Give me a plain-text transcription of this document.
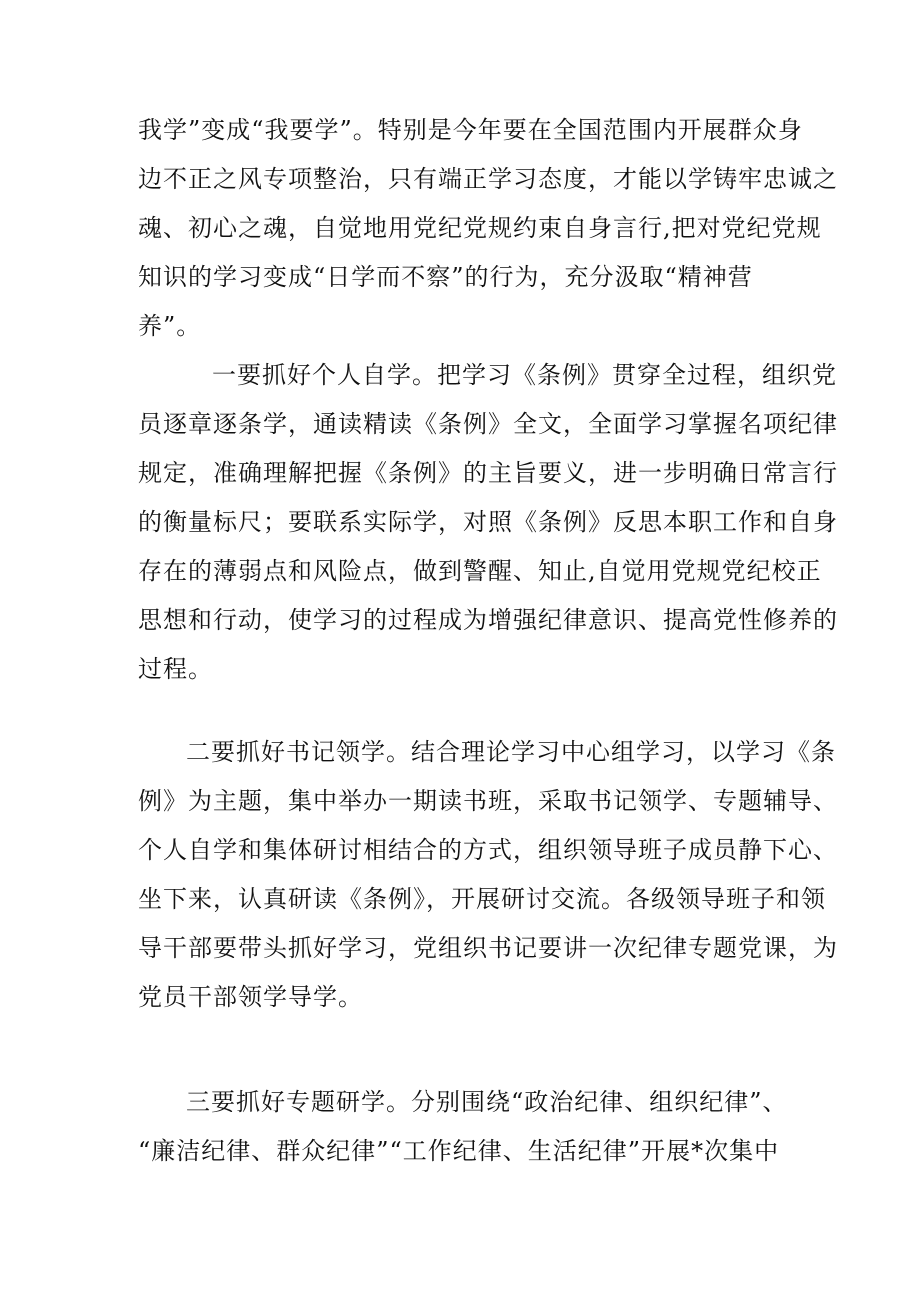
我学”变成“我要学”。特别是今年要在全国范围内开展群众身
边不正之风专项整治，只有端正学习态度，才能以学铸牢忠诚之
魂、初心之魂，自觉地用党纪党规约束自身言行,把对党纪党规
知识的学习变成“日学而不察”的行为，充分汲取“精神营
养”。
一要抓好个人自学。把学习《条例》贯穿全过程，组织党
员逐章逐条学，通读精读《条例》全文，全面学习掌握名项纪律
规定，准确理解把握《条例》的主旨要义，进一步明确日常言行
的衡量标尺；要联系实际学，对照《条例》反思本职工作和自身
存在的薄弱点和风险点，做到警醒、知止,自觉用党规党纪校正
思想和行动，使学习的过程成为增强纪律意识、提高党性修养的
过程。
二要抓好书记领学。结合理论学习中心组学习，以学习《条
例》为主题，集中举办一期读书班，采取书记领学、专题辅导、
个人自学和集体研讨相结合的方式，组织领导班子成员静下心、
坐下来，认真研读《条例》，开展研讨交流。各级领导班子和领
导干部要带头抓好学习，党组织书记要讲一次纪律专题党课，为
党员干部领学导学。
三要抓好专题研学。分别围绕“政治纪律、组织纪律”、
“廉洁纪律、群众纪律”“工作纪律、生活纪律”开展*次集中
